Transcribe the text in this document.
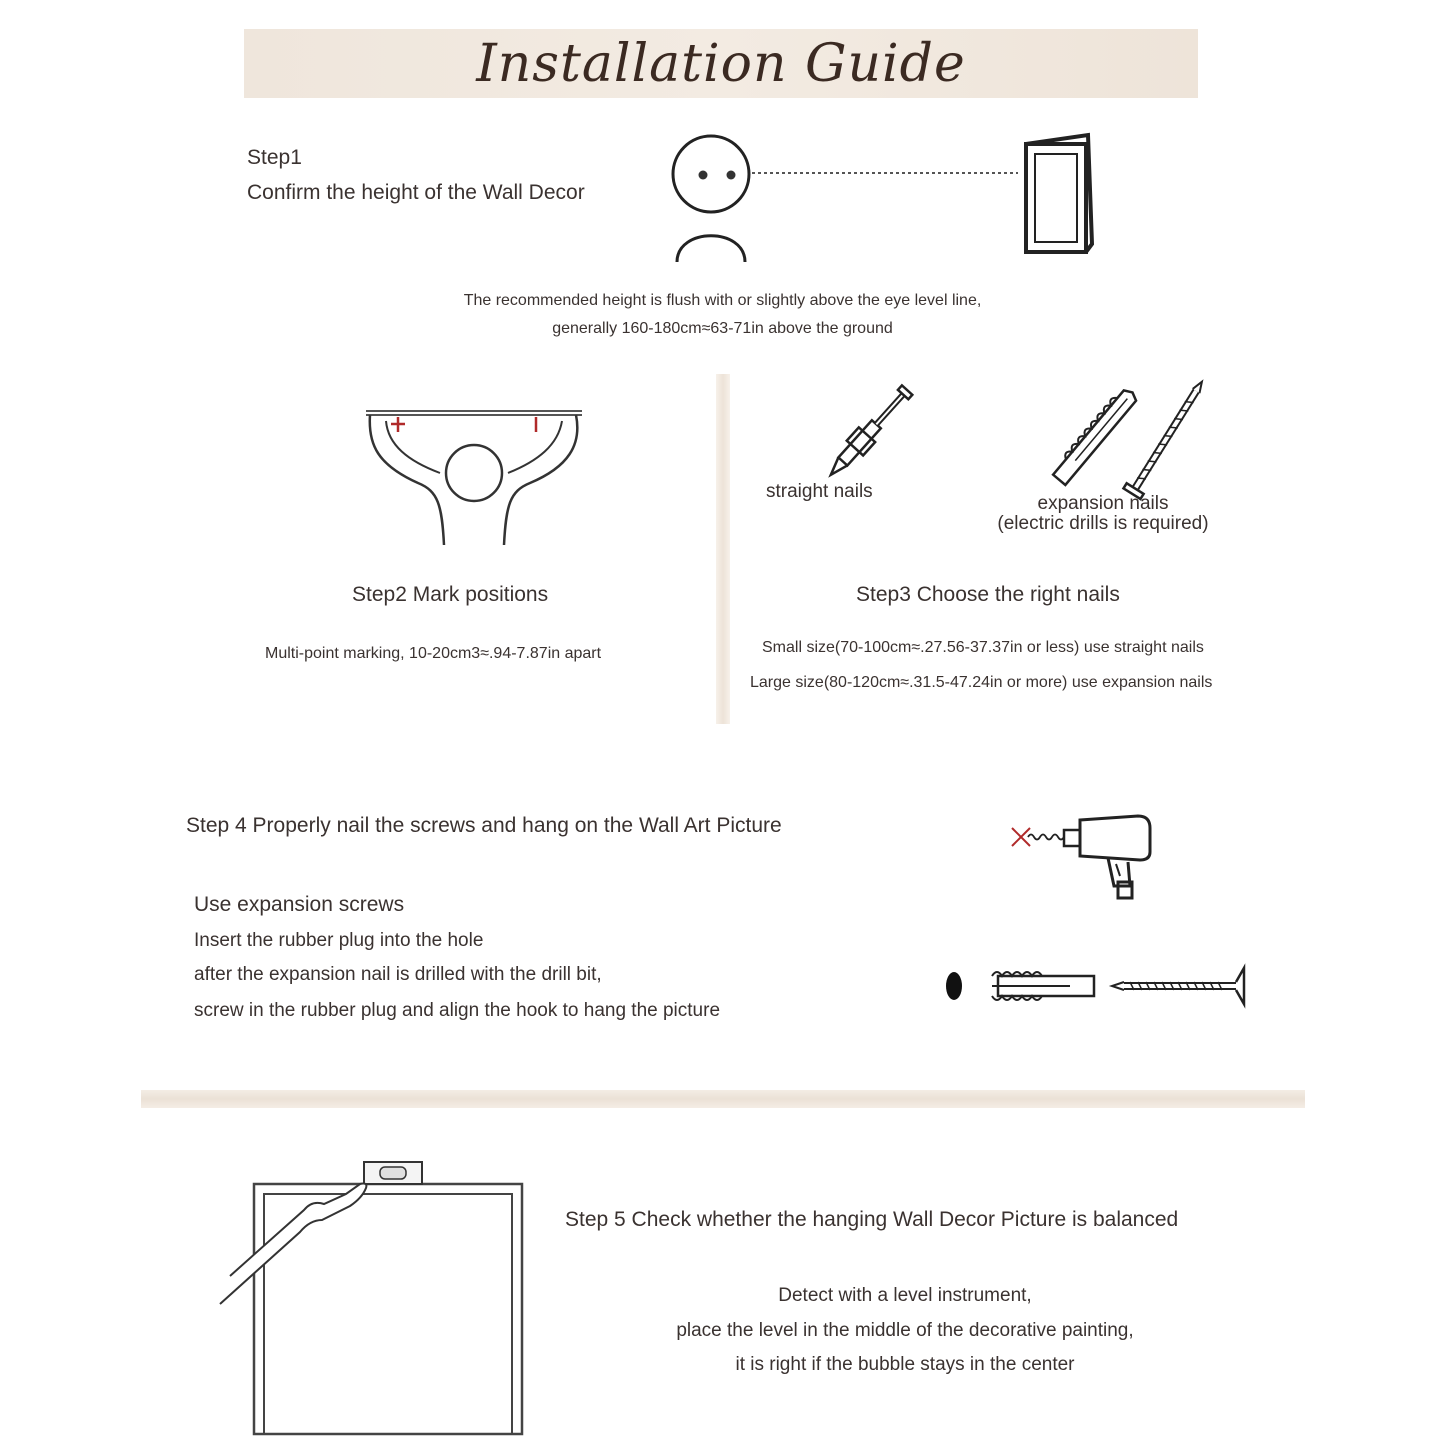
Installation Guide
Step1
Confirm the height of the Wall Decor
The recommended height is flush with or slightly above the eye level line,
generally 160-180cm≈63-71in above the ground
Step2 Mark positions
Multi-point marking, 10-20cm3≈.94-7.87in apart
straight nails
expansion nails
(electric drills is required)
Step3 Choose the right nails
Small size(70-100cm≈.27.56-37.37in or less) use straight nails
Large size(80-120cm≈.31.5-47.24in or more) use expansion nails
Step 4 Properly nail the screws and hang on the Wall Art Picture
Use expansion screws
Insert the rubber plug into the hole
after the expansion nail is drilled with the drill bit,
screw in the rubber plug and align the hook to hang the picture
Step 5 Check whether the hanging Wall Decor Picture is balanced
Detect with a level instrument,
place the level in the middle of the decorative painting,
it is right if the bubble stays in the center
